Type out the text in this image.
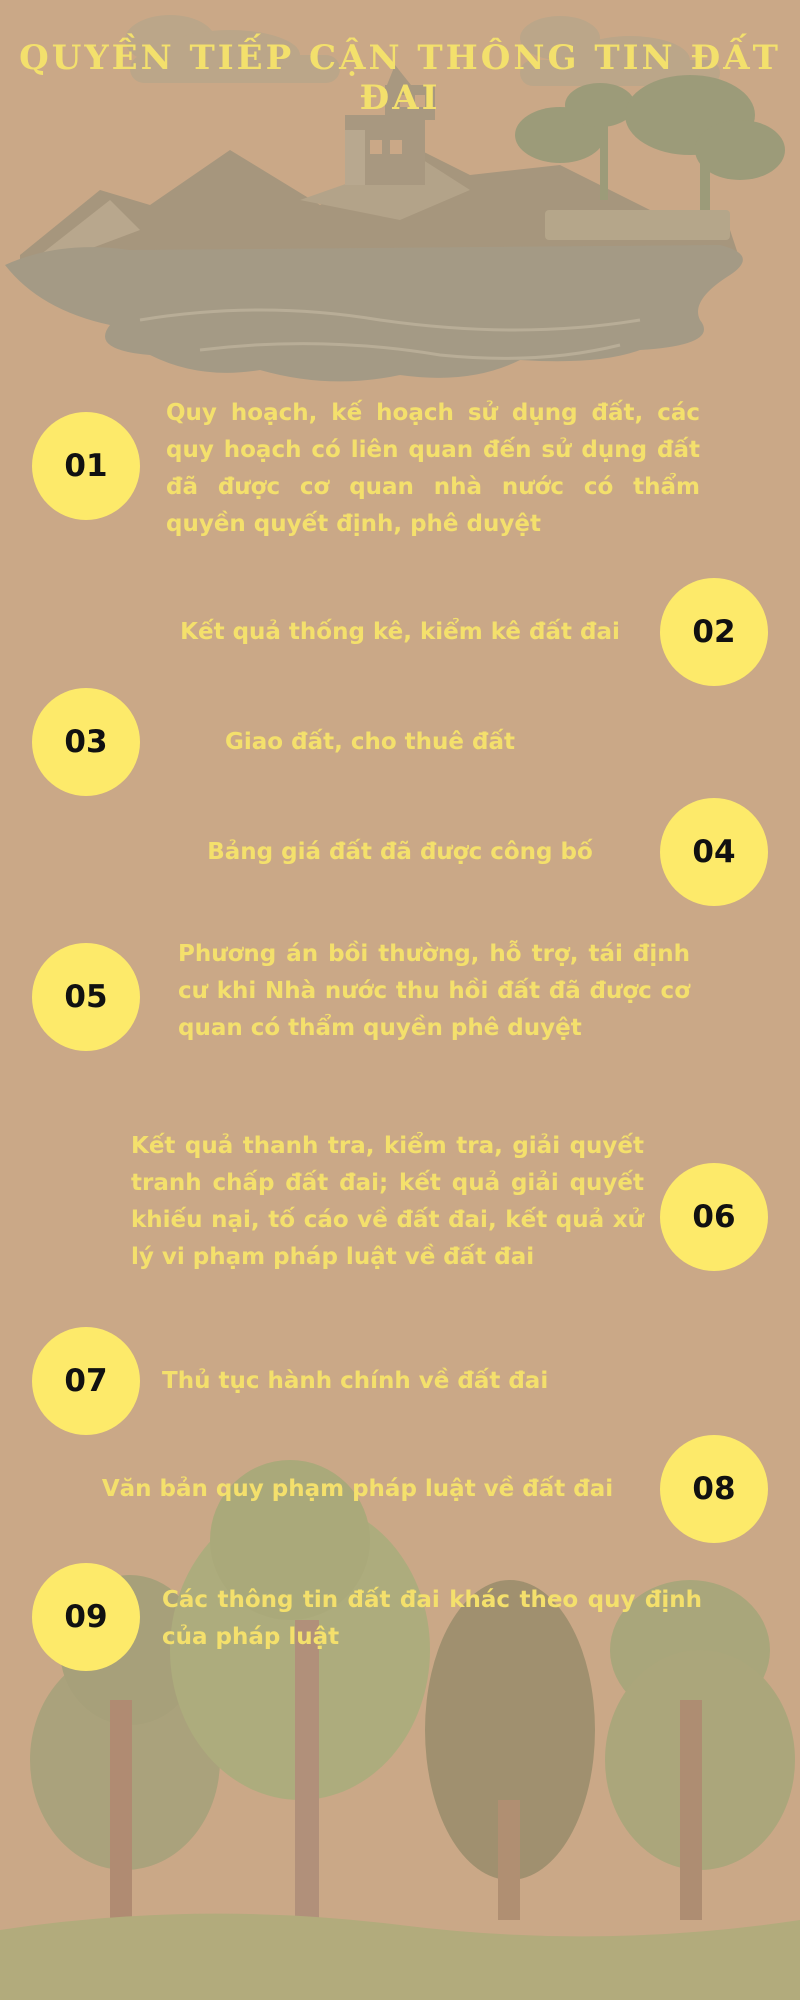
QUYỀN TIẾP CẬN THÔNG TIN ĐẤT ĐAI
01

Quy hoạch, kế hoạch sử dụng đất, các quy hoạch có liên quan đến sử dụng đất đã được cơ quan nhà nước có thẩm quyền quyết định, phê duyệt

02

Kết quả thống kê, kiểm kê đất đai

03	Giao đất, cho thuê đất

04

Bảng giá đất đã được công bố

05

Phương án bồi thường, hỗ trợ, tái định cư khi Nhà nước thu hồi đất đã được cơ quan có thẩm quyền phê duyệt

06

Kết quả thanh tra, kiểm tra, giải quyết tranh chấp đất đai; kết quả giải quyết khiếu nại, tố cáo về đất đai, kết quả xử lý vi phạm pháp luật về đất đai

07	Thủ tục hành chính về đất đai

08

Văn bản quy phạm pháp luật về đất đai

09	Các thông tin đất đai khác theo quy định của pháp luật
